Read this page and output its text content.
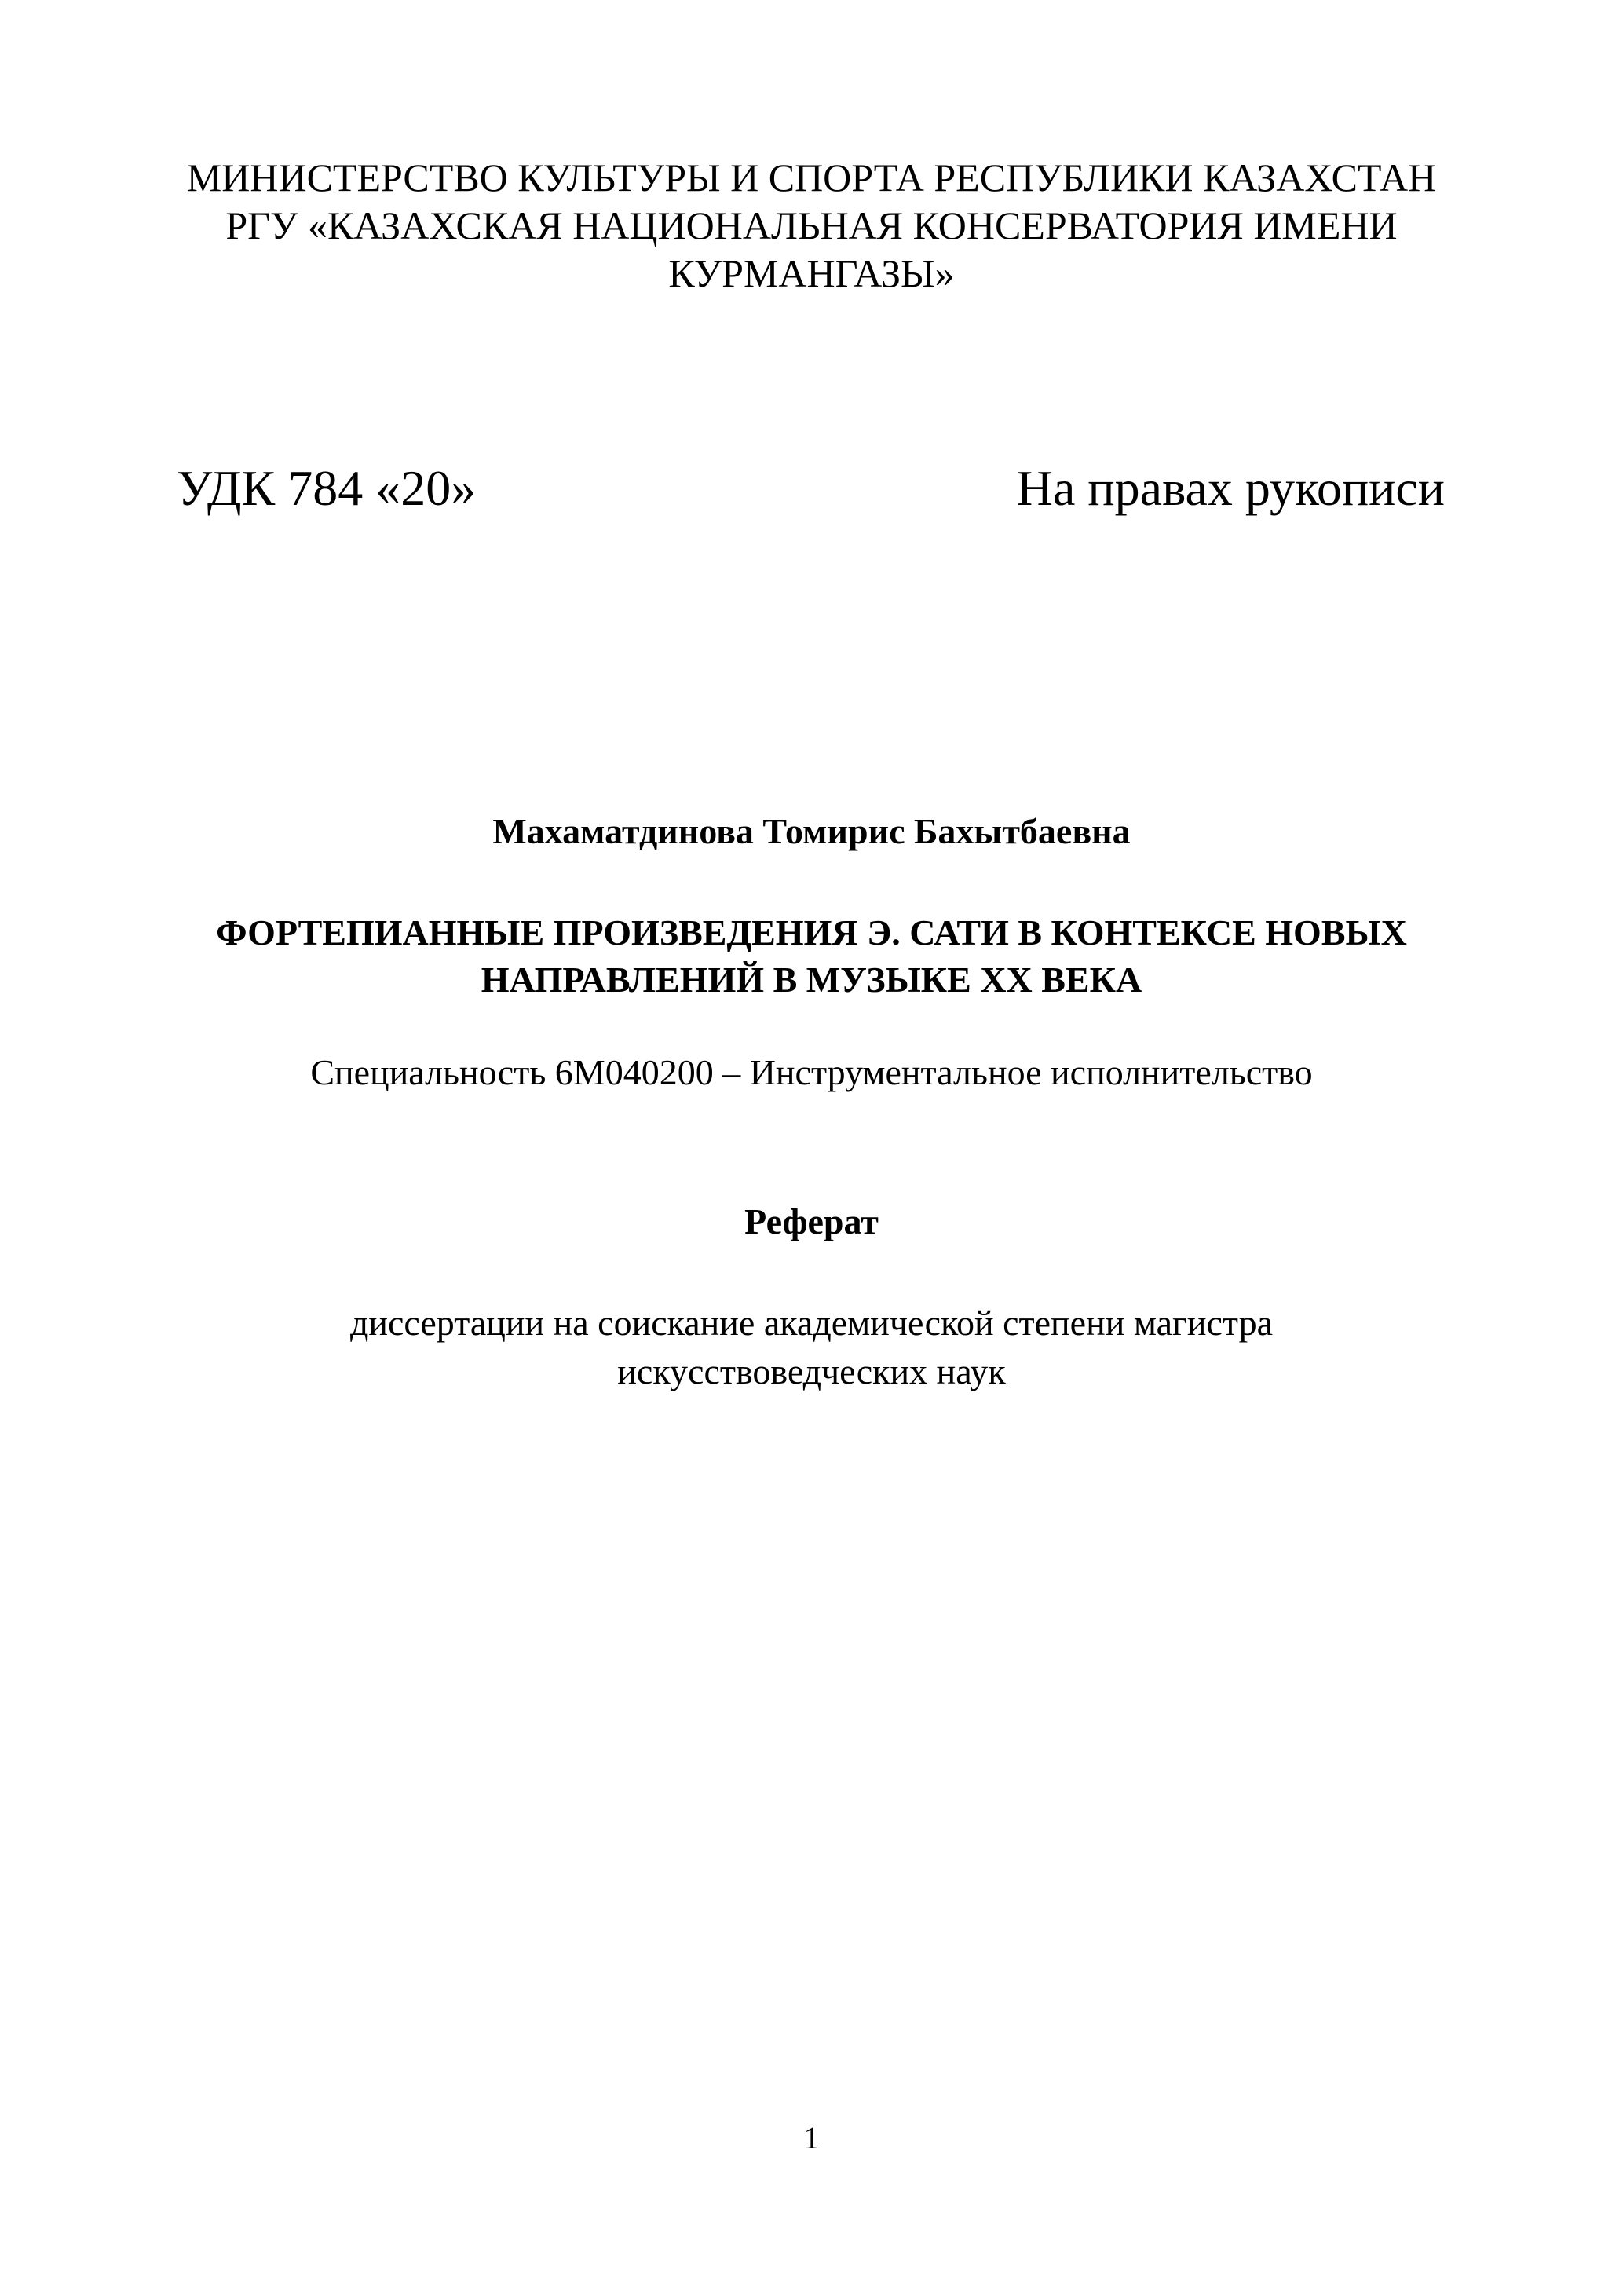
МИНИСТЕРСТВО КУЛЬТУРЫ И СПОРТА РЕСПУБЛИКИ КАЗАХСТАН
РГУ «КАЗАХСКАЯ НАЦИОНАЛЬНАЯ КОНСЕРВАТОРИЯ ИМЕНИ
КУРМАНГАЗЫ»
УДК 784 «20»	На правах рукописи
Махаматдинова Томирис Бахытбаевна
ФОРТЕПИАННЫЕ ПРОИЗВЕДЕНИЯ Э. САТИ В КОНТЕКСЕ НОВЫХ
НАПРАВЛЕНИЙ В МУЗЫКЕ ХХ ВЕКА
Специальность 6М040200 – Инструментальное исполнительство
Реферат
диссертации на соискание академической степени магистра
искусствоведческих наук
1
